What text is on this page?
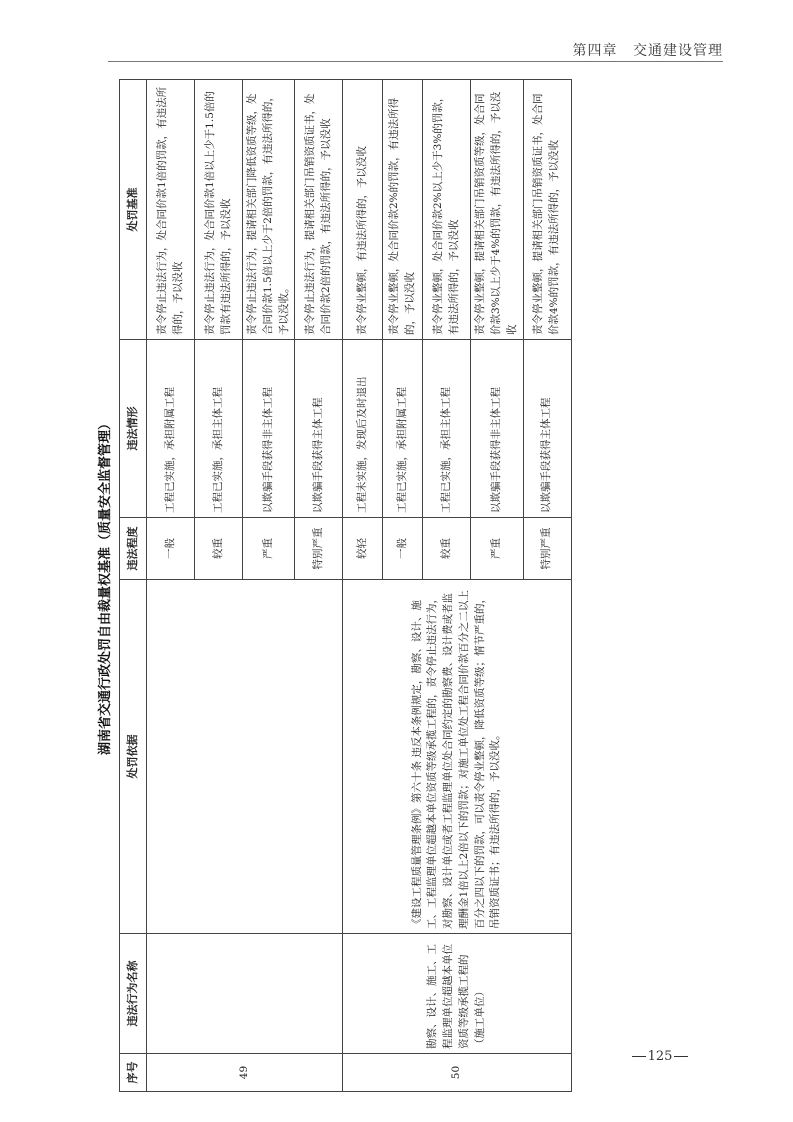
第四章 交通建设管理
湖南省交通行政处罚自由裁量权基准（质量安全监督管理）
序号	违法行为名称	处罚依据	违法程度	违法情形	处罚基准
49			一般	工程已实施，承担附属工程	责令停止违法行为，处合同价款1倍的罚款，有违法所得的，予以没收
			较重	工程已实施，承担主体工程	责令停止违法行为，处合同价款1倍以上少于1.5倍的罚款有违法所得的，予以没收
			严重	以欺骗手段获得非主体工程	责令停止违法行为，提请相关部门降低资质等级，处合同价款1.5倍以上少于2倍的罚款，有违法所得的，予以没收。
			特别严重	以欺骗手段获得主体工程	责令停止违法行为，提请相关部门吊销资质证书，处合同价款2倍的罚款，有违法所得的，予以没收
50	勘察、设计、施工、工程监理单位超越本单位资质等级承揽工程的（施工单位）	《建设工程质量管理条例》第六十条 违反本条例规定，勘察、设计、施工、工程监理单位超越本单位资质等级承揽工程的，责令停止违法行为，对勘察、设计单位或者工程监理单位处合同约定的勘察费、设计费或者监理酬金1倍以上2倍以下的罚款；对施工单位处工程合同价款百分之二以上百分之四以下的罚款，可以责令停业整顿，降低资质等级；情节严重的，吊销资质证书；有违法所得的，予以没收。	较轻	工程未实施，发现后及时退出	责令停业整顿，有违法所得的，予以没收
			一般	工程已实施，承担附属工程	责令停业整顿，处合同价款2%的罚款，有违法所得的，予以没收
			较重	工程已实施，承担主体工程	责令停业整顿，处合同价款2%以上少于3%的罚款，有违法所得的，予以没收
			严重	以欺骗手段获得非主体工程	责令停业整顿，提请相关部门吊销资质等级，处合同价款3%以上少于4%的罚款，有违法所得的，予以没收
			特别严重	以欺骗手段获得主体工程	责令停业整顿，提请相关部门吊销资质证书，处合同价款4%的罚款，有违法所得的，予以没收
125
